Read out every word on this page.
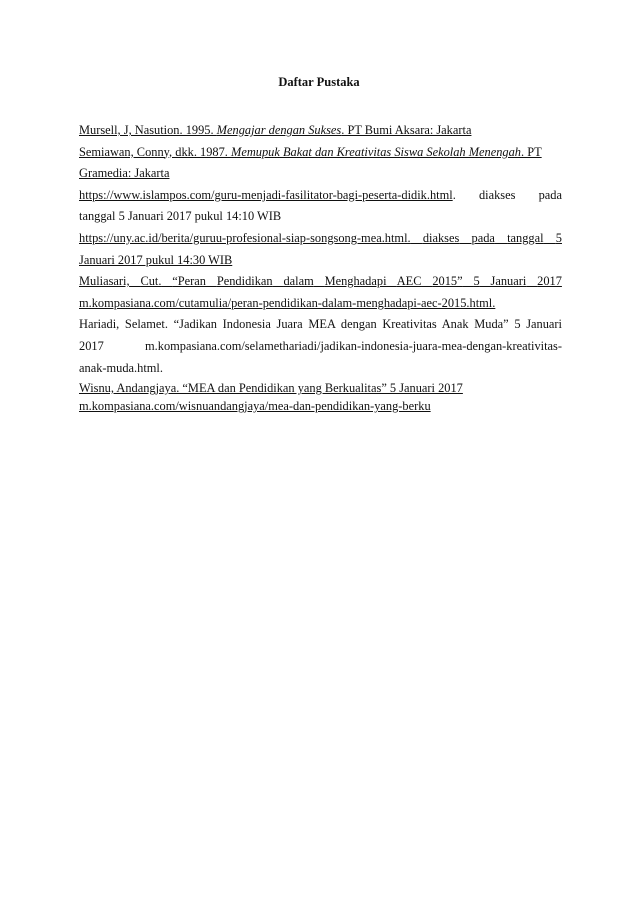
Daftar Pustaka
Mursell, J, Nasution. 1995. Mengajar dengan Sukses. PT Bumi Aksara: Jakarta
Semiawan, Conny, dkk. 1987. Memupuk Bakat dan Kreativitas Siswa Sekolah Menengah. PT
Gramedia: Jakarta
https://www.islampos.com/guru-menjadi-fasilitator-bagi-peserta-didik.html. diakses pada
tanggal 5 Januari 2017 pukul 14:10 WIB
https://uny.ac.id/berita/guruu-profesional-siap-songsong-mea.html. diakses pada tanggal 5
Januari 2017 pukul 14:30 WIB
Muliasari, Cut. “Peran Pendidikan dalam Menghadapi AEC 2015” 5 Januari 2017
m.kompasiana.com/cutamulia/peran-pendidikan-dalam-menghadapi-aec-2015.html.
Hariadi, Selamet. “Jadikan Indonesia Juara MEA dengan Kreativitas Anak Muda” 5 Januari
2017	m.kompasiana.com/selamethariadi/jadikan-indonesia-juara-mea-dengan-kreativitas-
anak-muda.html.
Wisnu, Andangjaya. “MEA dan Pendidikan yang Berkualitas” 5 Januari 2017
m.kompasiana.com/wisnuandangjaya/mea-dan-pendidikan-yang-berku
